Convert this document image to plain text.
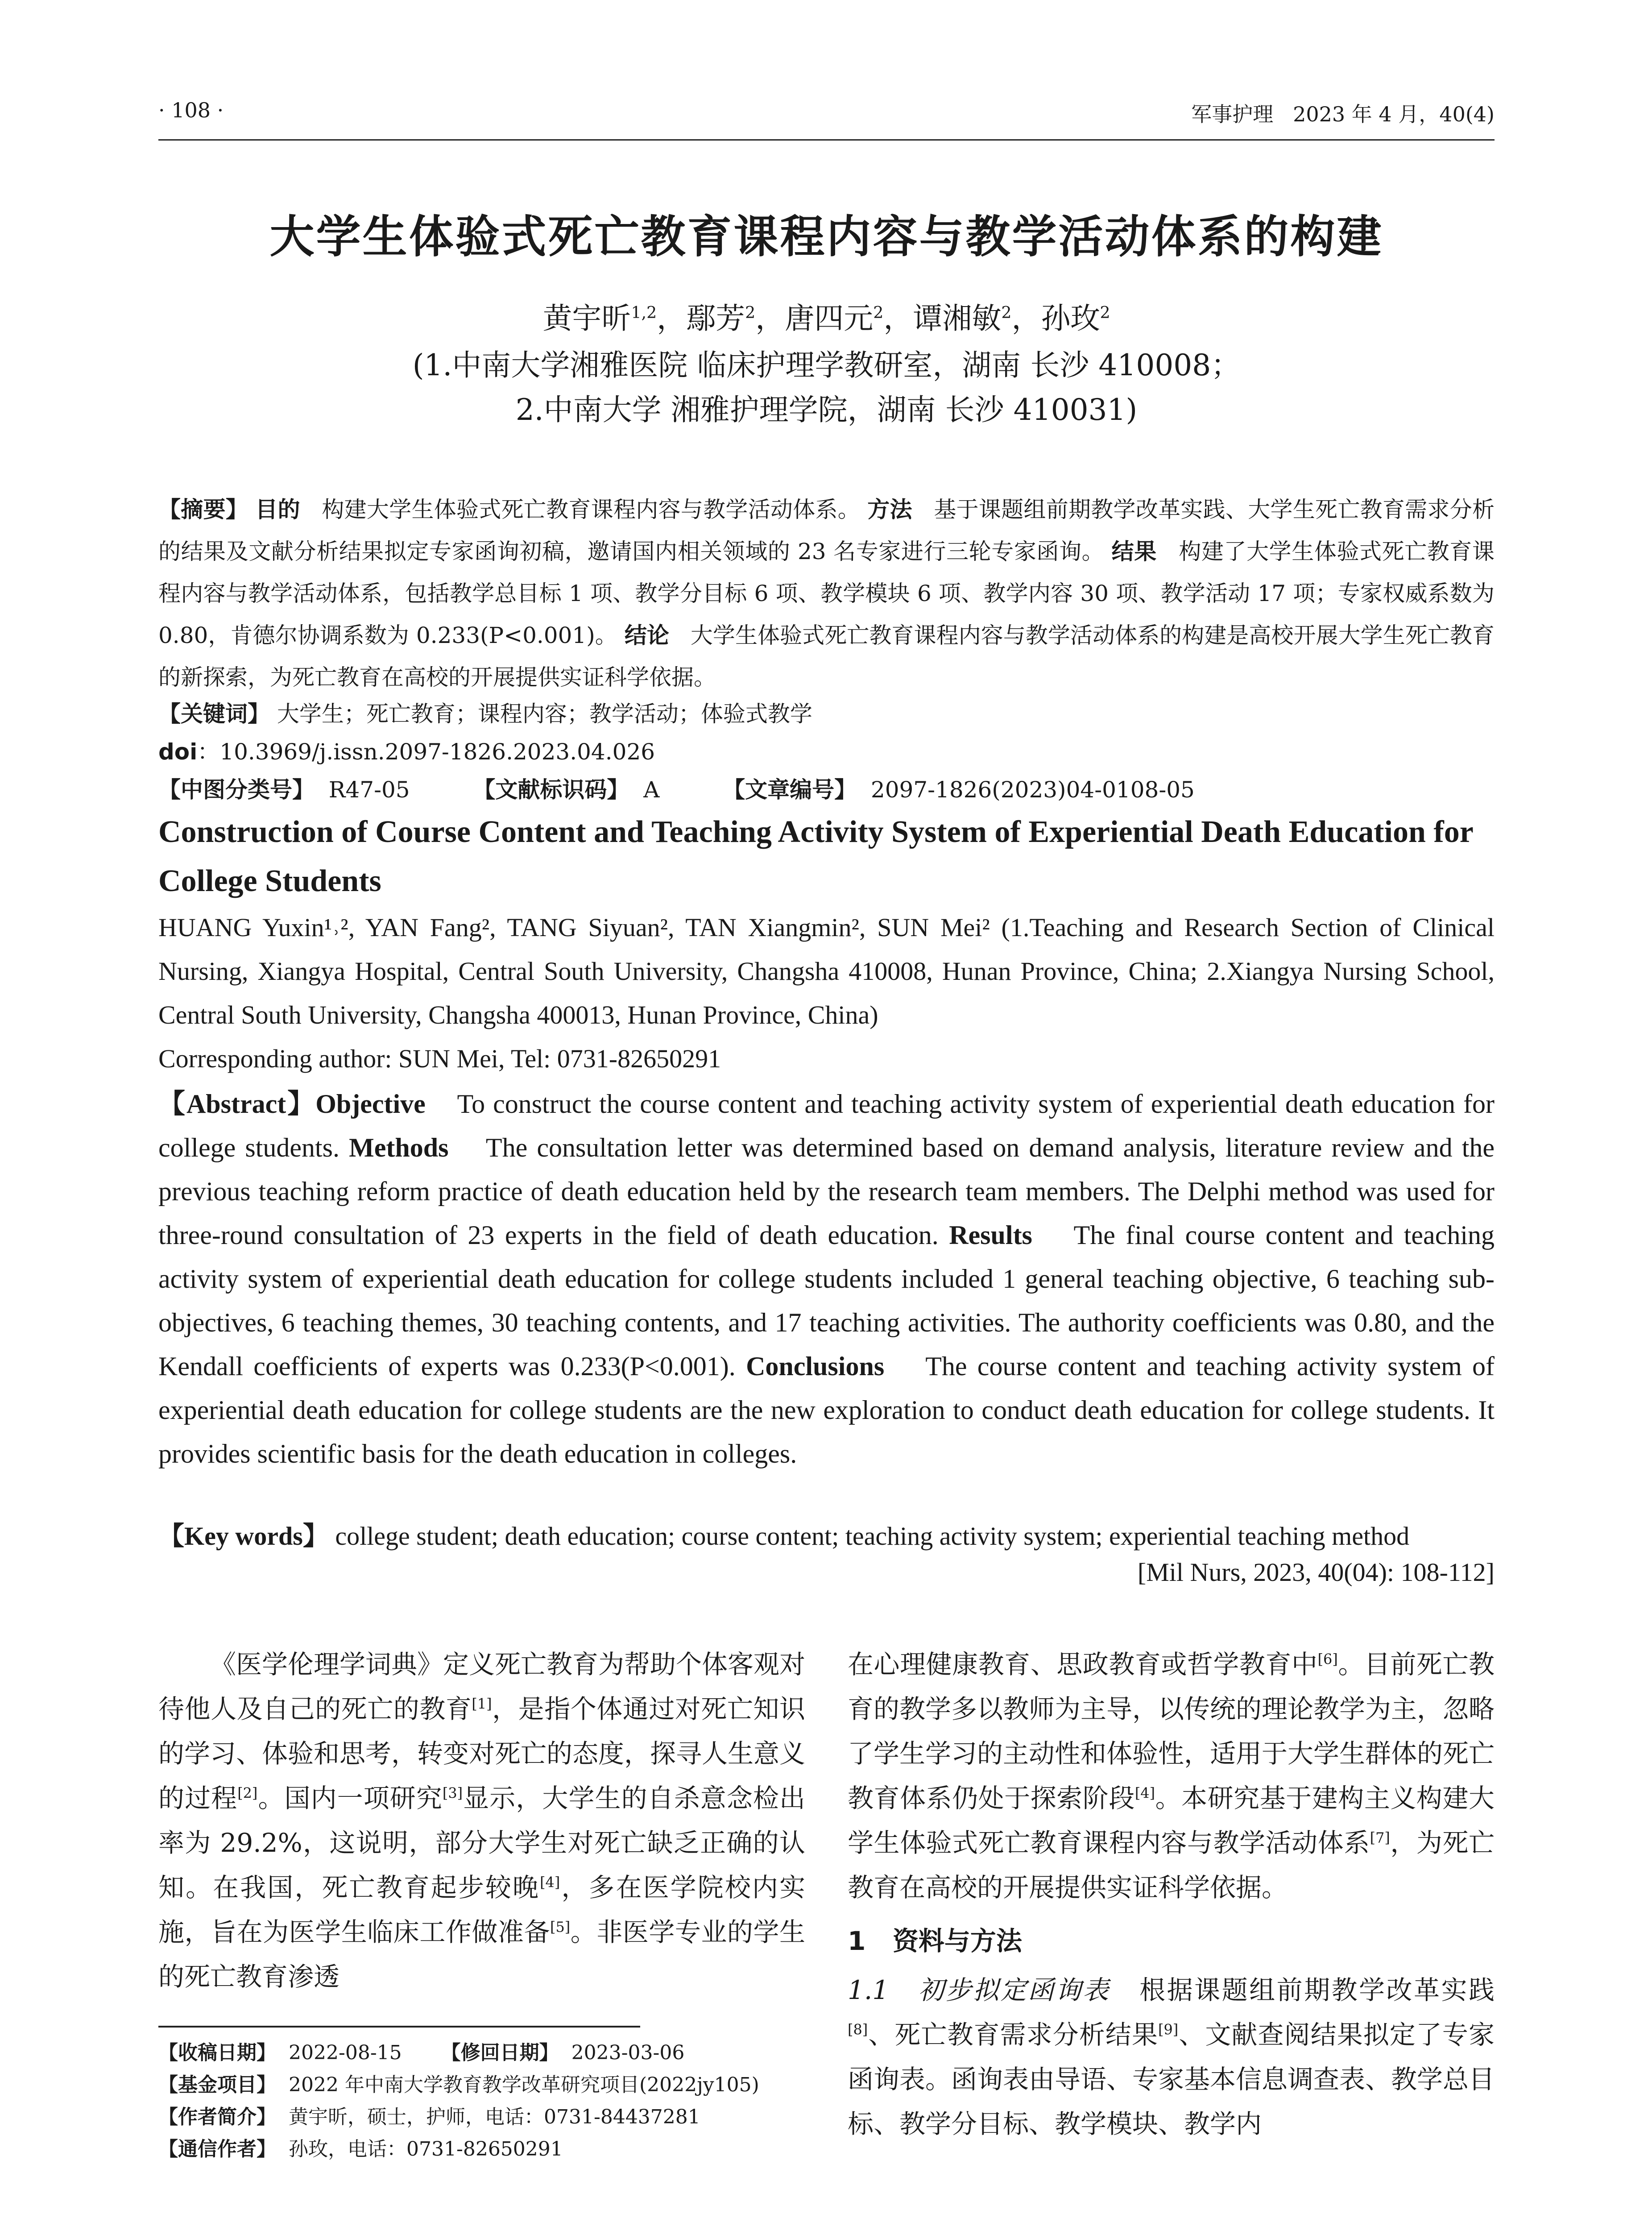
· 108 ·	军事护理   2023 年 4 月，40(4)
大学生体验式死亡教育课程内容与教学活动体系的构建
黄宇昕$^{1,2}$，鄢芳$^2$，唐四元$^2$，谭湘敏$^2$，孙玫$^2$
(1.中南大学湘雅医院 临床护理学教研室，湖南 长沙 410008；
2.中南大学 湘雅护理学院，湖南 长沙 410031)
【摘要】 目的 构建大学生体验式死亡教育课程内容与教学活动体系。 方法 基于课题组前期教学改革实践、大学生死亡教育需求分析的结果及文献分析结果拟定专家函询初稿，邀请国内相关领域的 23 名专家进行三轮专家函询。 结果 构建了大学生体验式死亡教育课程内容与教学活动体系，包括教学总目标 1 项、教学分目标 6 项、教学模块 6 项、教学内容 30 项、教学活动 17 项；专家权威系数为 0.80，肯德尔协调系数为 0.233(P<0.001)。 结论 大学生体验式死亡教育课程内容与教学活动体系的构建是高校开展大学生死亡教育的新探索，为死亡教育在高校的开展提供实证科学依据。
【关键词】 大学生；死亡教育；课程内容；教学活动；体验式教学
doi：10.3969/j.issn.2097-1826.2023.04.026
【中图分类号】 R47-05	【文献标识码】 A	【文章编号】 2097-1826(2023)04-0108-05
Construction of Course Content and Teaching Activity System of Experiential Death Education for College Students
HUANG Yuxin¹˒², YAN Fang², TANG Siyuan², TAN Xiangmin², SUN Mei² (1.Teaching and Research Section of Clinical Nursing, Xiangya Hospital, Central South University, Changsha 410008, Hunan Province, China; 2.Xiangya Nursing School, Central South University, Changsha 400013, Hunan Province, China)
Corresponding author: SUN Mei, Tel: 0731-82650291
【Abstract】Objective To construct the course content and teaching activity system of experiential death education for college students. Methods The consultation letter was determined based on demand analysis, literature review and the previous teaching reform practice of death education held by the research team members. The Delphi method was used for three-round consultation of 23 experts in the field of death education. Results The final course content and teaching activity system of experiential death education for college students included 1 general teaching objective, 6 teaching sub-objectives, 6 teaching themes, 30 teaching contents, and 17 teaching activities. The authority coefficients was 0.80, and the Kendall coefficients of experts was 0.233(P<0.001). Conclusions The course content and teaching activity system of experiential death education for college students are the new exploration to conduct death education for college students. It provides scientific basis for the death education in colleges.
【Key words】 college student; death education; course content; teaching activity system; experiential teaching method
[Mil Nurs, 2023, 40(04): 108-112]
《医学伦理学词典》定义死亡教育为帮助个体客观对待他人及自己的死亡的教育[1]，是指个体通过对死亡知识的学习、体验和思考，转变对死亡的态度，探寻人生意义的过程[2]。国内一项研究[3]显示，大学生的自杀意念检出率为 29.2%，这说明，部分大学生对死亡缺乏正确的认知。在我国，死亡教育起步较晚[4]，多在医学院校内实施，旨在为医学生临床工作做准备[5]。非医学专业的学生的死亡教育渗透
【收稿日期】 2022-08-15 【修回日期】 2023-03-06
【基金项目】 2022 年中南大学教育教学改革研究项目(2022jy105)
【作者简介】 黄宇昕，硕士，护师，电话：0731-84437281
【通信作者】 孙玫，电话：0731-82650291
在心理健康教育、思政教育或哲学教育中[6]。目前死亡教育的教学多以教师为主导，以传统的理论教学为主，忽略了学生学习的主动性和体验性，适用于大学生群体的死亡教育体系仍处于探索阶段[4]。本研究基于建构主义构建大学生体验式死亡教育课程内容与教学活动体系[7]，为死亡教育在高校的开展提供实证科学依据。
1   资料与方法
1.1   初步拟定函询表 根据课题组前期教学改革实践[8]、死亡教育需求分析结果[9]、文献查阅结果拟定了专家函询表。函询表由导语、专家基本信息调查表、教学总目标、教学分目标、教学模块、教学内
